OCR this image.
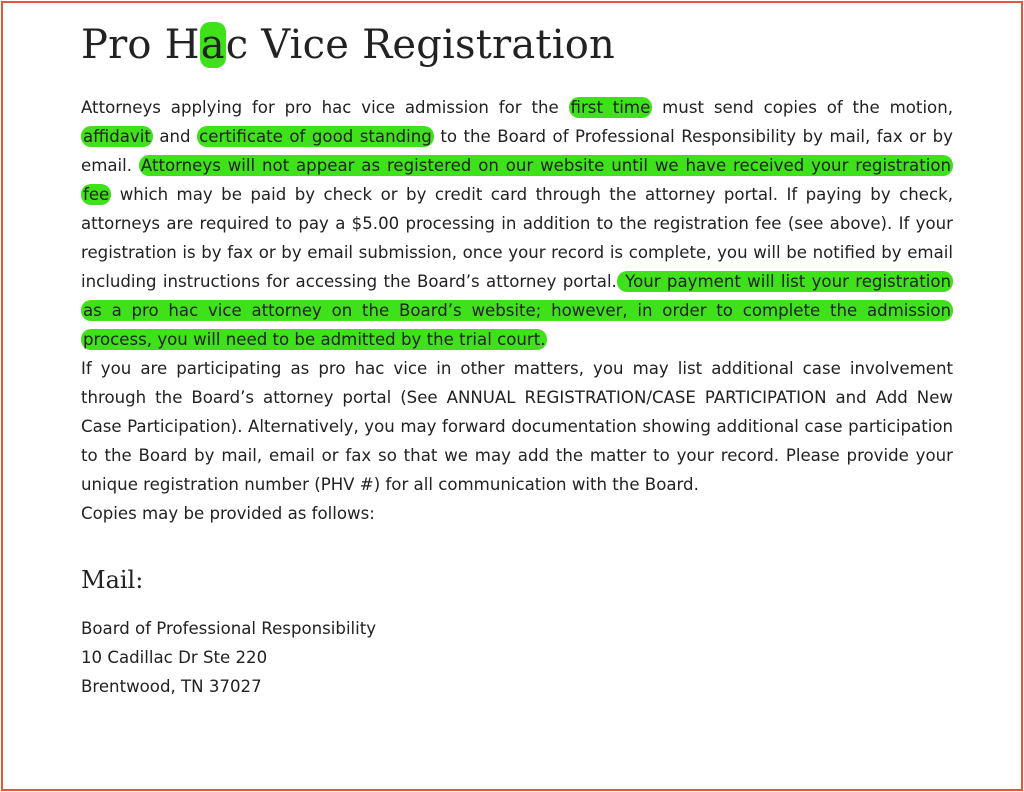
Pro Hac Vice Registration

Attorneys applying for pro hac vice admission for the first time must send copies of the motion, affidavit and certificate of good standing to the Board of Professional Responsibility by mail, fax or by email. Attorneys will not appear as registered on our website until we have received your registration fee which may be paid by check or by credit card through the attorney portal. If paying by check, attorneys are required to pay a $5.00 processing in addition to the registration fee (see above). If your registration is by fax or by email submission, once your record is complete, you will be notified by email including instructions for accessing the Board’s attorney portal. Your payment will list your registration as a pro hac vice attorney on the Board’s website; however, in order to complete the admission process, you will need to be admitted by the trial court.

If you are participating as pro hac vice in other matters, you may list additional case involvement through the Board’s attorney portal (See ANNUAL REGISTRATION/CASE PARTICIPATION and Add New Case Participation). Alternatively, you may forward documentation showing additional case participation to the Board by mail, email or fax so that we may add the matter to your record. Please provide your unique registration number (PHV #) for all communication with the Board.

Copies may be provided as follows:

Mail:
Board of Professional Responsibility
10 Cadillac Dr Ste 220
Brentwood, TN 37027
